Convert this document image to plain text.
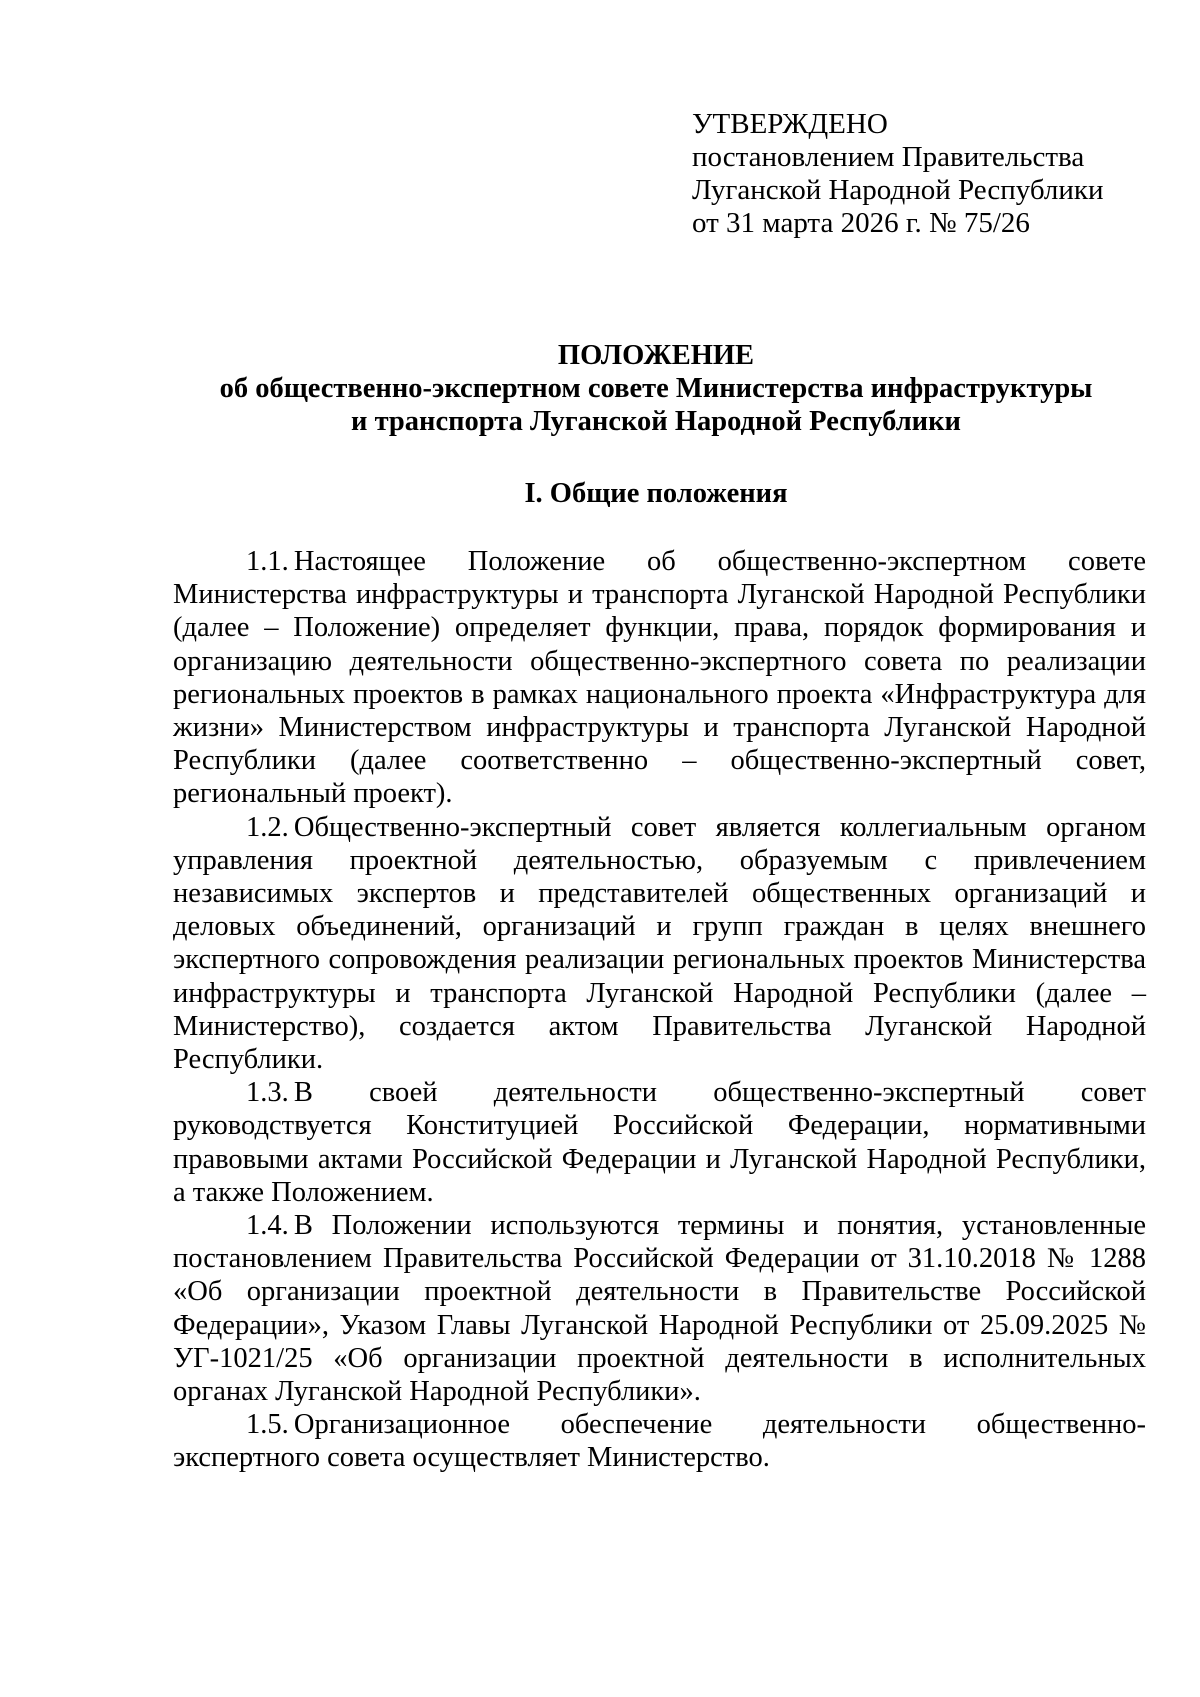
УТВЕРЖДЕНО
постановлением Правительства
Луганской Народной Республики
от 31 марта 2026 г. № 75/26
ПОЛОЖЕНИЕ
об общественно-экспертном совете Министерства инфраструктуры
и транспорта Луганской Народной Республики
I. Общие положения

1.1. Настоящее Положение об общественно-экспертном совете Министерства инфраструктуры и транспорта Луганской Народной Республики (далее – Положение) определяет функции, права, порядок формирования и организацию деятельности общественно-экспертного совета по реализации региональных проектов в рамках национального проекта «Инфраструктура для жизни» Министерством инфраструктуры и транспорта Луганской Народной Республики (далее соответственно – общественно-экспертный совет, региональный проект).

1.2. Общественно-экспертный совет является коллегиальным органом управления проектной деятельностью, образуемым с привлечением независимых экспертов и представителей общественных организаций и деловых объединений, организаций и групп граждан в целях внешнего экспертного сопровождения реализации региональных проектов Министерства инфраструктуры и транспорта Луганской Народной Республики (далее – Министерство), создается актом Правительства Луганской Народной Республики.

1.3. В своей деятельности общественно-экспертный совет руководствуется Конституцией Российской Федерации, нормативными правовыми актами Российской Федерации и Луганской Народной Республики, а также Положением.

1.4. В Положении используются термины и понятия, установленные постановлением Правительства Российской Федерации от 31.10.2018 № 1288 «Об организации проектной деятельности в Правительстве Российской Федерации», Указом Главы Луганской Народной Республики от 25.09.2025 № УГ-1021/25 «Об организации проектной деятельности в исполнительных органах Луганской Народной Республики».

1.5. Организационное обеспечение деятельности общественно-экспертного совета осуществляет Министерство.
